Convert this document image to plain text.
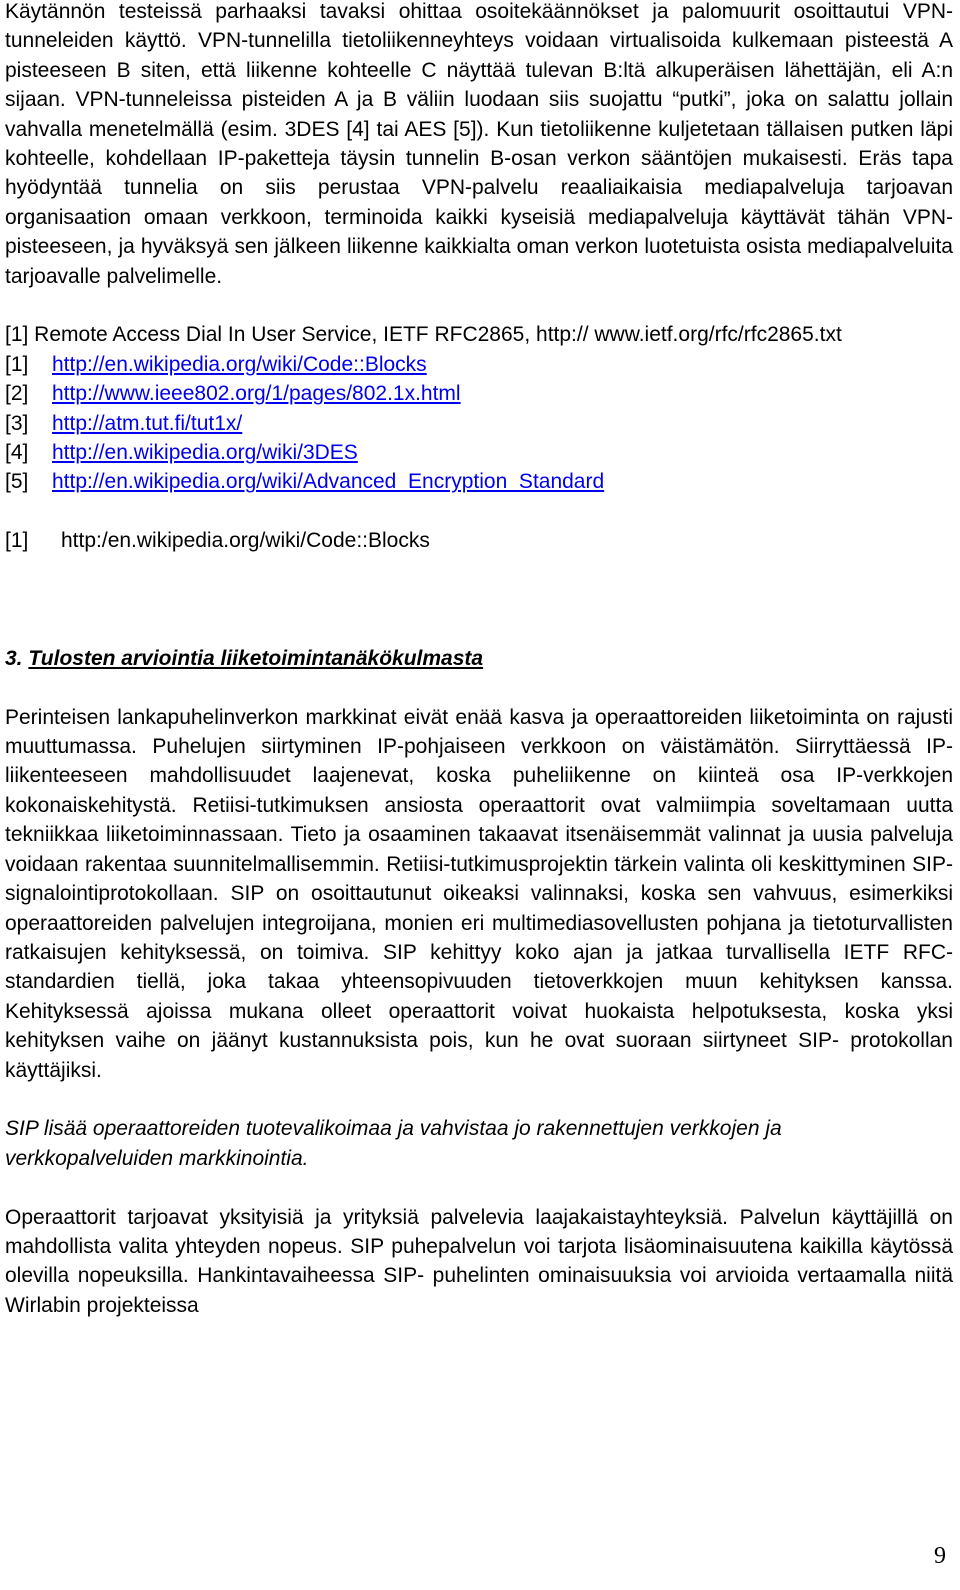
Käytännön testeissä parhaaksi tavaksi ohittaa osoitekäännökset ja palomuurit osoittautui VPN-tunneleiden käyttö. VPN-tunnelilla tietoliikenneyhteys voidaan virtualisoida kulkemaan pisteestä A pisteeseen B siten, että liikenne kohteelle C näyttää tulevan B:ltä alkuperäisen lähettäjän, eli A:n sijaan. VPN-tunneleissa pisteiden A ja B väliin luodaan siis suojattu “putki”, joka on salattu jollain vahvalla menetelmällä (esim. 3DES [4] tai AES [5]). Kun tietoliikenne kuljetetaan tällaisen putken läpi kohteelle, kohdellaan IP-paketteja täysin tunnelin B-osan verkon sääntöjen mukaisesti. Eräs tapa hyödyntää tunnelia on siis perustaa VPN-palvelu reaaliaikaisia mediapalveluja tarjoavan organisaation omaan verkkoon, terminoida kaikki kyseisiä mediapalveluja käyttävät tähän VPN-pisteeseen, ja hyväksyä sen jälkeen liikenne kaikkialta oman verkon luotetuista osista mediapalveluita tarjoavalle palvelimelle.

[1] Remote Access Dial In User Service, IETF RFC2865, http:// www.ietf.org/rfc/rfc2865.txt

[1] http://en.wikipedia.org/wiki/Code::Blocks
[2] http://www.ieee802.org/1/pages/802.1x.html
[3] http://atm.tut.fi/tut1x/
[4] http://en.wikipedia.org/wiki/3DES
[5] http://en.wikipedia.org/wiki/Advanced_Encryption_Standard
[1] http:/en.wikipedia.org/wiki/Code::Blocks

3. Tulosten arviointia liiketoimintanäkökulmasta

Perinteisen lankapuhelinverkon markkinat eivät enää kasva ja operaattoreiden liiketoiminta on rajusti muuttumassa. Puhelujen siirtyminen IP-pohjaiseen verkkoon on väistämätön. Siirryttäessä IP-liikenteeseen mahdollisuudet laajenevat, koska puheliikenne on kiinteä osa IP-verkkojen kokonaiskehitystä. Retiisi-tutkimuksen ansiosta operaattorit ovat valmiimpia soveltamaan uutta tekniikkaa liiketoiminnassaan. Tieto ja osaaminen takaavat itsenäisemmät valinnat ja uusia palveluja voidaan rakentaa suunnitelmallisemmin. Retiisi-tutkimusprojektin tärkein valinta oli keskittyminen SIP- signalointiprotokollaan. SIP on osoittautunut oikeaksi valinnaksi, koska sen vahvuus, esimerkiksi operaattoreiden palvelujen integroijana, monien eri multimediasovellusten pohjana ja tietoturvallisten ratkaisujen kehityksessä, on toimiva. SIP kehittyy koko ajan ja jatkaa turvallisella IETF RFC- standardien tiellä, joka takaa yhteensopivuuden tietoverkkojen muun kehityksen kanssa. Kehityksessä ajoissa mukana olleet operaattorit voivat huokaista helpotuksesta, koska yksi kehityksen vaihe on jäänyt kustannuksista pois, kun he ovat suoraan siirtyneet SIP- protokollan käyttäjiksi.

SIP lisää operaattoreiden tuotevalikoimaa ja vahvistaa jo rakennettujen verkkojen ja verkkopalveluiden markkinointia.

Operaattorit tarjoavat yksityisiä ja yrityksiä palvelevia laajakaistayhteyksiä. Palvelun käyttäjillä on mahdollista valita yhteyden nopeus. SIP puhepalvelun voi tarjota lisäominaisuutena kaikilla käytössä olevilla nopeuksilla. Hankintavaiheessa SIP- puhelinten ominaisuuksia voi arvioida vertaamalla niitä Wirlabin projekteissa

9
